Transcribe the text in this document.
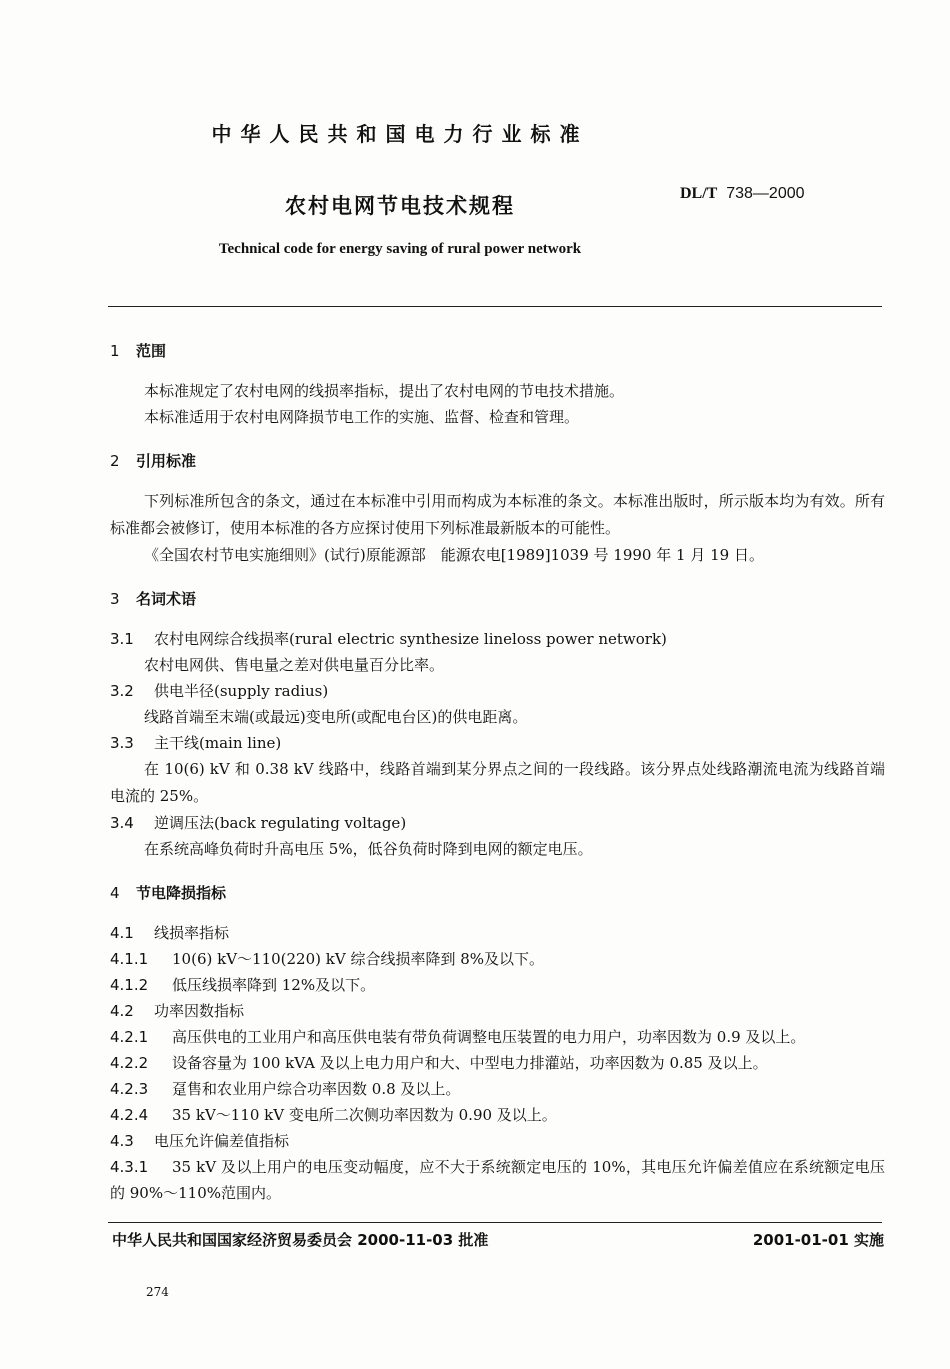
中华人民共和国电力行业标准
农村电网节电技术规程
DL/T 738—2000
Technical code for energy saving of rural power network
1 范围
本标准规定了农村电网的线损率指标，提出了农村电网的节电技术措施。
本标准适用于农村电网降损节电工作的实施、监督、检查和管理。
2 引用标准
下列标准所包含的条文，通过在本标准中引用而构成为本标准的条文。本标准出版时，所示版本均为有效。所有标准都会被修订，使用本标准的各方应探讨使用下列标准最新版本的可能性。
《全国农村节电实施细则》(试行)原能源部　能源农电[1989]1039 号 1990 年 1 月 19 日。
3 名词术语
3.1 农村电网综合线损率(rural electric synthesize lineloss power network)
农村电网供、售电量之差对供电量百分比率。
3.2 供电半径(supply radius)
线路首端至末端(或最远)变电所(或配电台区)的供电距离。
3.3 主干线(main line)
在 10(6) kV 和 0.38 kV 线路中，线路首端到某分界点之间的一段线路。该分界点处线路潮流电流为线路首端电流的 25%。
3.4 逆调压法(back regulating voltage)
在系统高峰负荷时升高电压 5%，低谷负荷时降到电网的额定电压。
4 节电降损指标
4.1 线损率指标
4.1.1 10(6) kV～110(220) kV 综合线损率降到 8%及以下。
4.1.2 低压线损率降到 12%及以下。
4.2 功率因数指标
4.2.1 高压供电的工业用户和高压供电装有带负荷调整电压装置的电力用户，功率因数为 0.9 及以上。
4.2.2 设备容量为 100 kVA 及以上电力用户和大、中型电力排灌站，功率因数为 0.85 及以上。
4.2.3 趸售和农业用户综合功率因数 0.8 及以上。
4.2.4 35 kV～110 kV 变电所二次侧功率因数为 0.90 及以上。
4.3 电压允许偏差值指标
4.3.1 35 kV 及以上用户的电压变动幅度，应不大于系统额定电压的 10%，其电压允许偏差值应在系统额定电压的 90%～110%范围内。
中华人民共和国国家经济贸易委员会 2000-11-03 批准	2001-01-01 实施
274
